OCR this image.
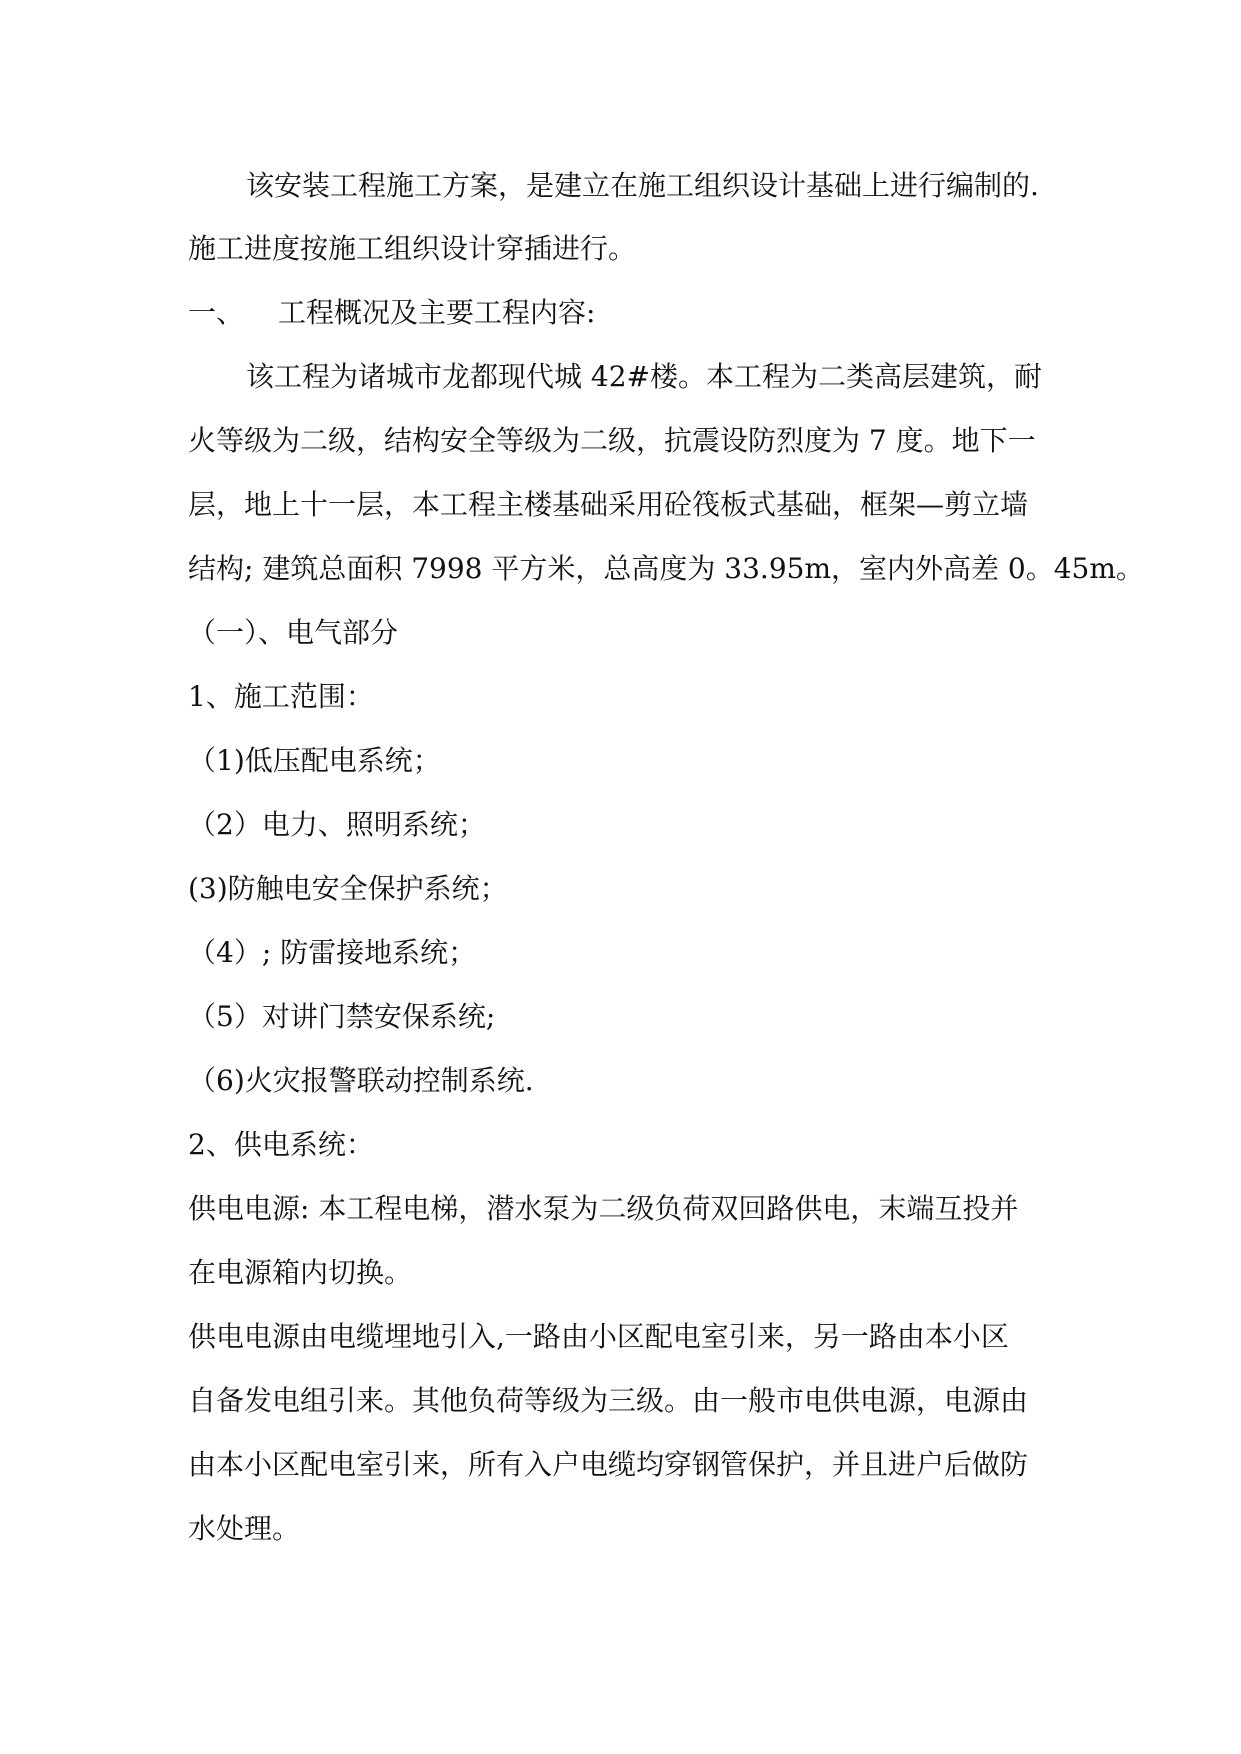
该安装工程施工方案，是建立在施工组织设计基础上进行编制的.
施工进度按施工组织设计穿插进行。
一、 工程概况及主要工程内容:
该工程为诸城市龙都现代城 42#楼。本工程为二类高层建筑，耐
火等级为二级，结构安全等级为二级，抗震设防烈度为 7 度。地下一
层，地上十一层，本工程主楼基础采用砼筏板式基础，框架—剪立墙
结构; 建筑总面积 7998 平方米，总高度为 33.95m，室内外高差 0。45m。
（一）、电气部分
1、施工范围：
（1)低压配电系统；
（2）电力、照明系统；
(3)防触电安全保护系统；
（4）; 防雷接地系统；
（5）对讲门禁安保系统;
（6)火灾报警联动控制系统.
2、供电系统：
供电电源: 本工程电梯，潜水泵为二级负荷双回路供电，末端互投并
在电源箱内切换。
供电电源由电缆埋地引入,一路由小区配电室引来，另一路由本小区
自备发电组引来。其他负荷等级为三级。由一般市电供电源，电源由
由本小区配电室引来，所有入户电缆均穿钢管保护，并且进户后做防
水处理。
